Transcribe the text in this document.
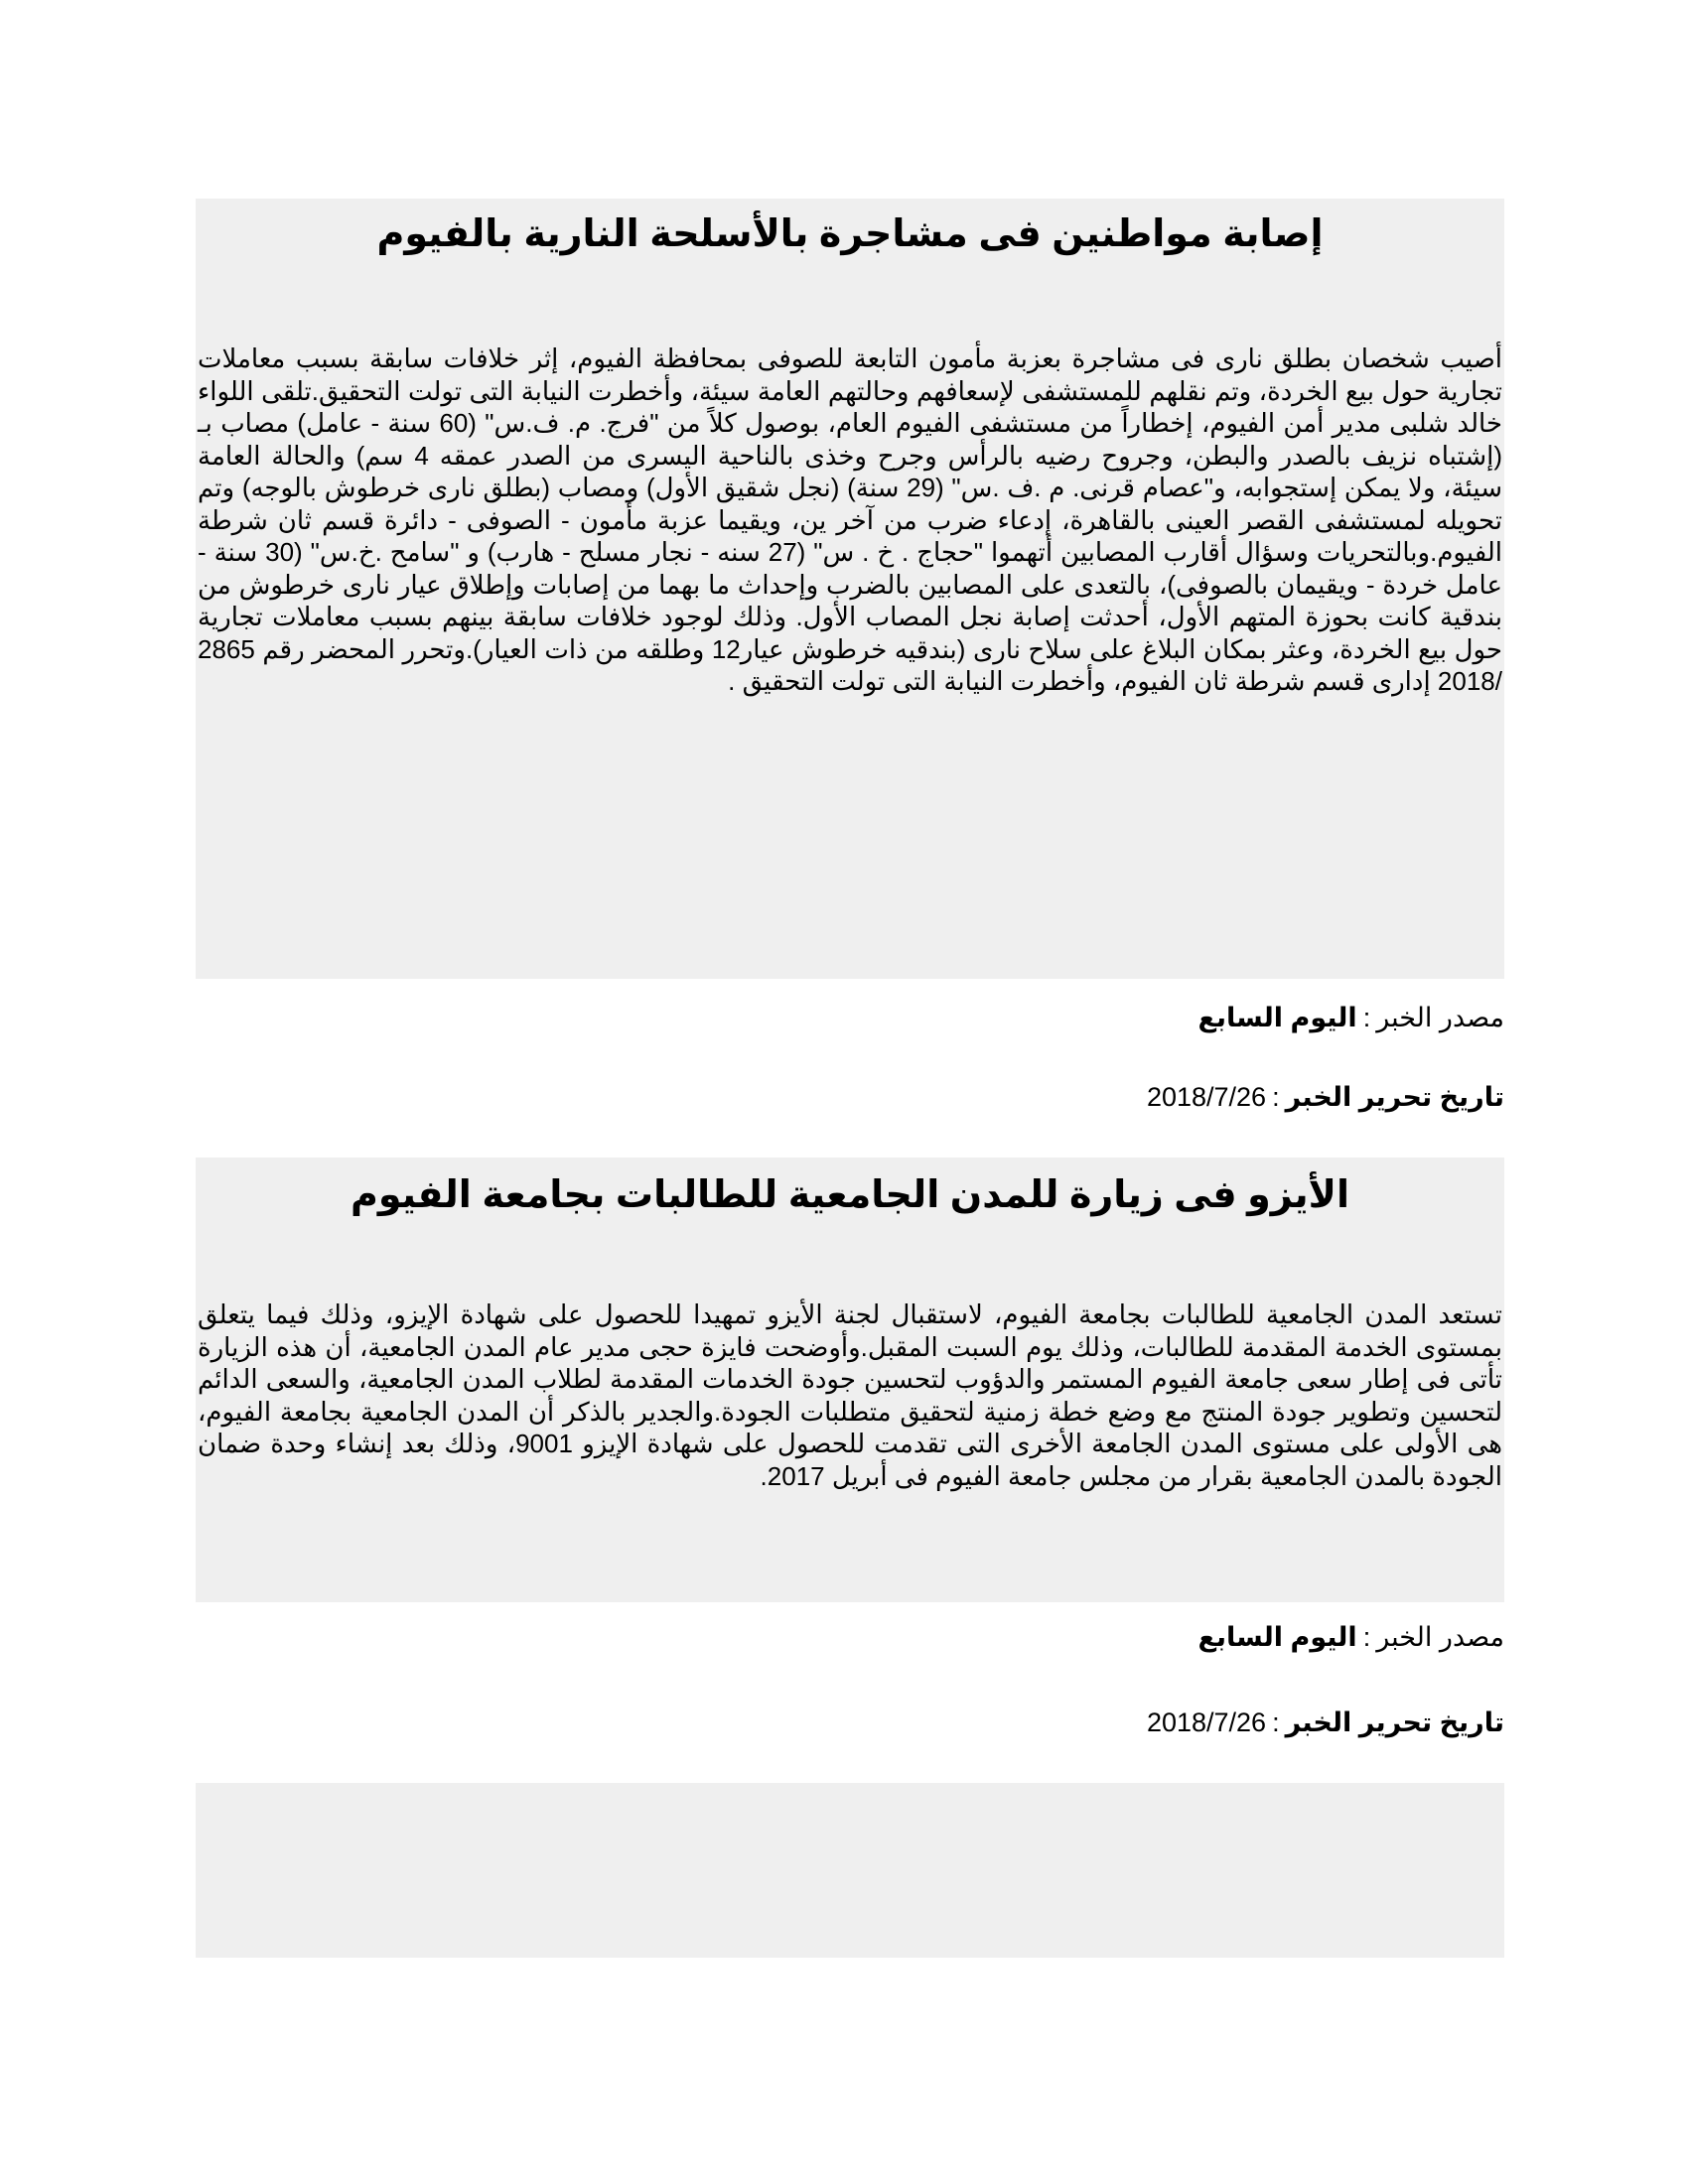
إصابة مواطنين فى مشاجرة بالأسلحة النارية بالفيوم

أصيب شخصان بطلق نارى فى مشاجرة بعزبة مأمون التابعة للصوفى بمحافظة الفيوم، إثر خلافات سابقة بسبب معاملات تجارية حول بيع الخردة، وتم نقلهم للمستشفى لإسعافهم وحالتهم العامة سيئة، وأخطرت النيابة التى تولت التحقيق.تلقى اللواء خالد شلبى مدير أمن الفيوم، إخطاراً من مستشفى الفيوم العام، بوصول كلاً من "فرج. م. ف.س" (60 سنة - عامل) مصاب بـ (إشتباه نزيف بالصدر والبطن، وجروح رضيه بالرأس وجرح وخذى بالناحية اليسرى من الصدر عمقه 4 سم) والحالة العامة سيئة، ولا يمكن إستجوابه، و"عصام قرنى. م .ف .س" (29 سنة) (نجل شقيق الأول) ومصاب (بطلق نارى خرطوش بالوجه) وتم تحويله لمستشفى القصر العينى بالقاهرة، إدعاء ضرب من آخر ين، ويقيما عزبة مأمون - الصوفى - دائرة قسم ثان شرطة الفيوم.وبالتحريات وسؤال أقارب المصابين أتهموا "حجاج . خ . س" (27 سنه - نجار مسلح - هارب) و "سامح .خ.س" (30 سنة - عامل خردة - ويقيمان بالصوفى)، بالتعدى على المصابين بالضرب وإحداث ما بهما من إصابات وإطلاق عيار نارى خرطوش من بندقية كانت بحوزة المتهم الأول، أحدثت إصابة نجل المصاب الأول. وذلك لوجود خلافات سابقة بينهم بسبب معاملات تجارية حول بيع الخردة، وعثر بمكان البلاغ على سلاح نارى (بندقيه خرطوش عيار12 وطلقه من ذات العيار).وتحرر المحضر رقم 2865 /2018 إدارى قسم شرطة ثان الفيوم، وأخطرت النيابة التى تولت التحقيق .

مصدر الخبر:اليوم السابع
تاريخ تحرير الخبر:2018/7/26
الأيزو فى زيارة للمدن الجامعية للطالبات بجامعة الفيوم

تستعد المدن الجامعية للطالبات بجامعة الفيوم، لاستقبال لجنة الأيزو تمهيدا للحصول على شهادة الإيزو، وذلك فيما يتعلق بمستوى الخدمة المقدمة للطالبات، وذلك يوم السبت المقبل.وأوضحت فايزة حجى مدير عام المدن الجامعية، أن هذه الزيارة تأتى فى إطار سعى جامعة الفيوم المستمر والدؤوب لتحسين جودة الخدمات المقدمة لطلاب المدن الجامعية، والسعى الدائم لتحسين وتطوير جودة المنتج مع وضع خطة زمنية لتحقيق متطلبات الجودة.والجدير بالذكر أن المدن الجامعية بجامعة الفيوم، هى الأولى على مستوى المدن الجامعة الأخرى التى تقدمت للحصول على شهادة الإيزو 9001، وذلك بعد إنشاء وحدة ضمان الجودة بالمدن الجامعية بقرار من مجلس جامعة الفيوم فى أبريل 2017.

مصدر الخبر:اليوم السابع
تاريخ تحرير الخبر:2018/7/26
